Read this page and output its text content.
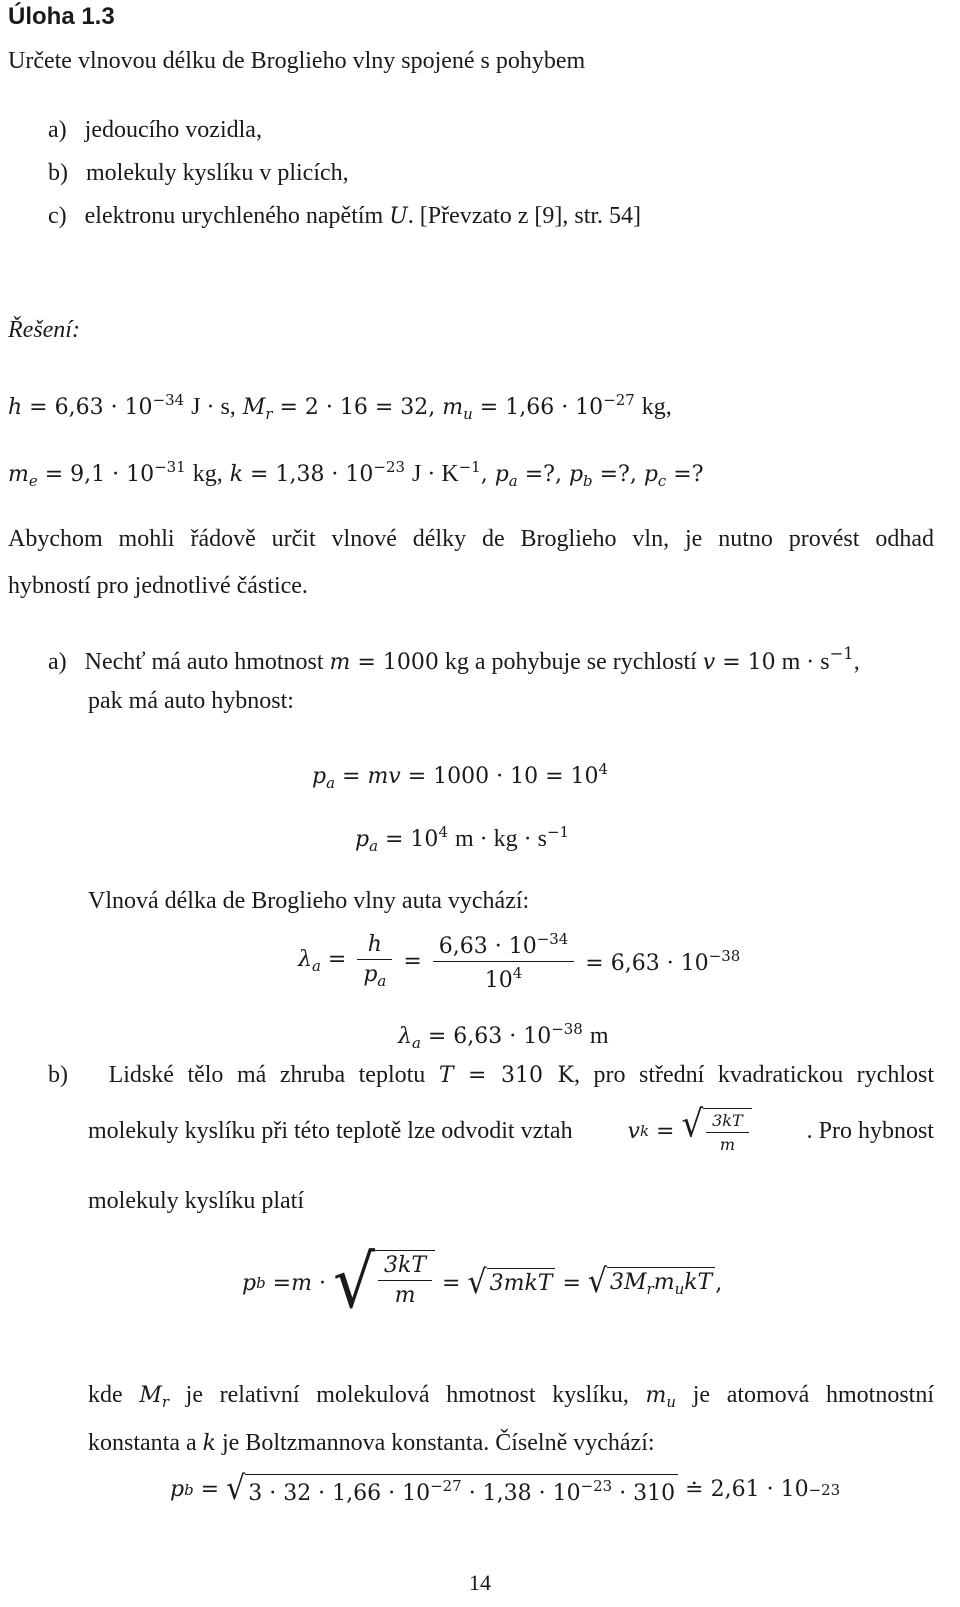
Úloha 1.3
Určete vlnovou délku de Broglieho vlny spojené s pohybem
a) jedoucího vozidla,
b) molekuly kyslíku v plicích,
c) elektronu urychleného napětím U. [Převzato z [9], str. 54]
Řešení:
$h = 6,63 \cdot 10^{-34}$ J · s, $M_r = 2 \cdot 16 = 32$, $m_u = 1,66 \cdot 10^{-27}$ kg,
$m_e = 9,1 \cdot 10^{-31}$ kg, $k = 1,38 \cdot 10^{-23}$ $J \cdot K^{-1}$, $p_a$ =?, $p_b$ =?, $p_c$ =?
Abychom mohli řádově určit vlnové délky de Broglieho vln, je nutno provést odhad
hybností pro jednotlivé částice.
a) Nechť má auto hmotnost m = 1000 kg a pohybuje se rychlostí v = 10 $m \cdot s^{-1}$,
pak má auto hybnost:
$p_a$ = mv = $1000 \cdot 10 = 10^4$
$p_a = 10^4$ m · kg · $s^{-1}$
Vlnová délka de Broglieho vlny auta vychází:
$\lambda_a = \frac{h}{p_a} = \frac{6,63 \cdot 10^{-34}}{10^4} = 6,63 \cdot 10^{-38}$
$\lambda_a = 6,63 \cdot 10^{-38}$ m
b) Lidské tělo má zhruba teplotu T = 310 K, pro střední kvadratickou rychlost
molekuly kyslíku při této teplotě lze odvodit vztah v k = √ $\frac{3kT}{m}$ . Pro hybnost
molekuly kyslíku platí
p b = m · √ $\frac{3kT}{m}$ = √ 3mkT = √ $3M_rm_ukT$ ,
kde $M_r$ je relativní molekulová hmotnost kyslíku, $m_u$ je atomová hmotnostní
konstanta a k je Boltzmannova konstanta. Číselně vychází:
p b = √ $3 \cdot 32 \cdot 1,66 \cdot 10^{-27} \cdot 1,38 \cdot 10^{-23} \cdot 310$ ≐ 2,61 · 10 −23
14
